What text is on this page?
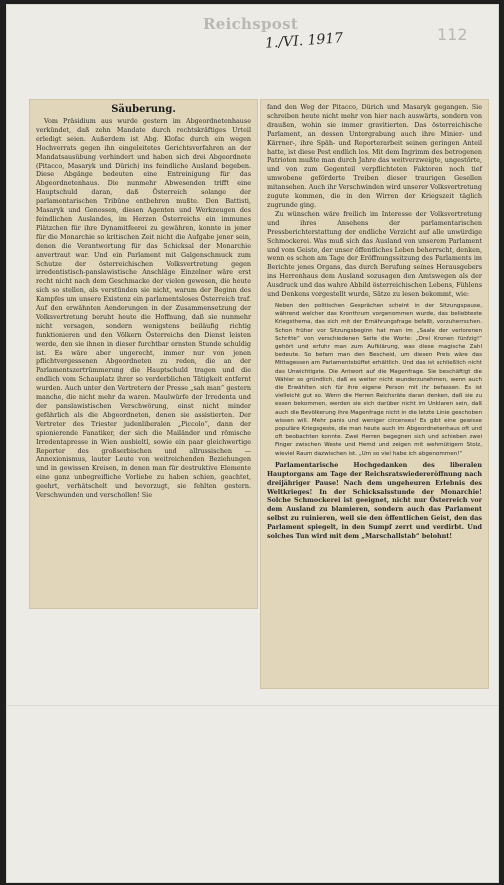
Reichspost
1./VI. 1917	112
Säuberung.

Vom Präsidium aus wurde gestern im Abgeordnetenhause verkündet, daß zehn Mandate durch rechtskräftiges Urteil erledigt seien. Außerdem ist Abg. Klofac durch ein wegen Hochverrats gegen ihn eingeleitetes Gerichtsverfahren an der Mandatsausübung verhindert und haben sich drei Abgeordnete (Pitacco, Masaryk und Dürich) ins feindliche Ausland begeben. Diese Abgänge bedeuten eine Entreinigung für das Abgeordnetenhaus. Die nunmehr Abwesenden trifft eine Hauptschuld daran, daß Österreich solange der parlamentarischen Tribüne entbehren mußte. Den Battisti, Masaryk und Genossen, diesen Agenten und Werkzeugen des feindlichen Auslandes, im Herzen Österreichs ein immunes Plätzchen für ihre Dynamitfeerei zu gewähren, konnte in jener für die Monarchie so kritischen Zeit nicht die Aufgabe jener sein, denen die Verantwortung für das Schicksal der Monarchie anvertraut war. Und ein Parlament mit Galgenschmuck zum Schutze der österreichischen Volksvertretung gegen irredentistisch-panslawistische Anschläge Einzelner wäre erst recht nicht nach dem Geschmacke der vielen gewesen, die heute sich so stellen, als verstünden sie nicht, warum der Beginn des Kampfes um unsere Existenz ein parlamentsloses Österreich traf. Auf den erwähnten Aenderungen in der Zusammensetzung der Volksvertretung beruht heute die Hoffnung, daß sie nunmehr nicht versagen, sondern wenigstens beiläufig richtig funktionieren und den Völkern Österreichs den Dienst leisten werde, den sie ihnen in dieser furchtbar ernsten Stunde schuldig ist. Es wäre aber ungerecht, immer nur von jenen pflichtvergessenen Abgeordneten zu reden, die an der Parlamentszertrümmerung die Hauptschuld tragen und die endlich vom Schauplatz ihrer so verderblichen Tätigkeit entfernt wurden. Auch unter den Vertretern der Presse „sah man“ gestern manche, die nicht mehr da waren. Maulwürfe der Irredenta und der panslawistischen Verschwörung, einst nicht minder gefährlich als die Abgeordneten, denen sie assistierten. Der Vertreter des Triester judenliberalen „Piccolo“, dann der spionierende Fanatiker, der sich die Mailänder und römische Irredentapresse in Wien ausbieltl, sowie ein paar gleichwertige Reporter des großserbischen und allrussischen — Annexionismus, lauter Leute von weitreichenden Beziehungen und in gewissen Kreisen, in denen man für destruktive Elemente eine ganz unbegreifliche Vorliebe zu haben schien, geachtet, geehrt, verhätschelt und bevorzugt, sie fehlten gestern. Verschwunden und verschollen! Sie

fand den Weg der Pitacco, Dürich und Masaryk gegangen. Sie schreiben heute nicht mehr von hier nach auswärts, sondern von draußen, wohin sie immer gravitierten. Das österreichische Parlament, an dessen Untergrabung auch ihre Minier- und Kärrner-, ihre Späh- und Reporterarbeit seinen geringen Anteil hatte, ist diese Pest endlich los. Mit dem Ingrimm des betrogenen Patrioten mußte man durch Jahre das weitverzweigte, ungestörte, und von zum Gegenteil verpflichteten Faktoren noch tief umwobene geförderte Treiben dieser traurigen Gesellen mitansehen. Auch ihr Verschwinden wird unserer Volksvertretung zugute kommen, die in den Wirren der Kriegszeit täglich zugrunde ging.

Zu wünschen wäre freilich im Interesse der Volksvertretung und ihres Ansehens der parlamentarischen Pressberichterstattung der endliche Verzicht auf alle unwürdige Schmockerei. Was muß sich das Ausland von unserem Parlament und vom Geiste, der unser öffentliches Leben beherrscht, denken, wenn es schon am Tage der Eröffnungssitzung des Parlaments im Berichte jenes Organs, das durch Berufung seines Herausgebers ins Herrenhaus dem Ausland sozusagen den Amtswegen als der Ausdruck und das wahre Abbild österreichischen Lebens, Fühlens und Denkens vorgestellt wurde, Sätze zu lesen bekommt, wie:

Neben den politischen Gesprächen scheint in der Sitzungspause, während welcher das Kronthrum vorgenommen wurde, das beliebteste Kriegsthema, das sich mit der Ernährungsfrage befaßt, vorzuherrschen. Schon früher vor Sitzungsbeginn hat man im „Saale der verlorenen Schritte“ von verschiedenen Seite die Worte: „Drei Kronen fünfzig!“ gehört und erfuhr man zum Aufklärung, was diese magische Zahl bedeute. So befam man den Bescheid, um diesen Preis wäre das Mittagessen am Parlamentsbüffet erhältlich. Und das ist schließlich nicht das Unwichtigste. Die Antwort auf die Magenfrage. Sie beschäftigt die Wähler so gründlich, daß es weiter nicht wunderzunehmen, wenn auch die Erwählten sich für ihre eigene Person mit ihr befassen. Es ist vielleicht gut so. Wenn die Herren Reichsräte daran denken, daß sie zu essen bekommen, werden sie sich darüber nicht im Unklaren sein, daß auch die Bevölkerung ihre Magenfrage nicht in die letzte Linie geschoben wissen will. Mehr panis und weniger circenses! Es gibt eine gewisse populäre Kriegsgeste, die man heute auch im Abgeordnetenhaus oft und oft beobachten konnte. Zwei Herren begegnen sich und schieben zwei Finger zwischen Weste und Hemd und zeigen mit wehmütigem Stolz, wieviel Raum dazwischen ist. „Um so viel habe ich abgenommen!“

Parlamentarische Hochgedanken des liberalen Hauptorgans am Tage der Reichsratswiedereröffnung nach dreijähriger Pause! Nach dem ungeheuren Erlebnis des Weltkrieges! In der Schicksalsstunde der Monarchie! Solche Schmockerei ist geeignet, nicht nur Österreich vor dem Ausland zu blamieren, sondern auch das Parlament selbst zu ruinieren, weil sie den öffentlichen Geist, den das Parlament spiegelt, in den Sumpf zerrt und verdirbt. Und solches Tun wird mit dem „Marschallstab“ belohnt!
